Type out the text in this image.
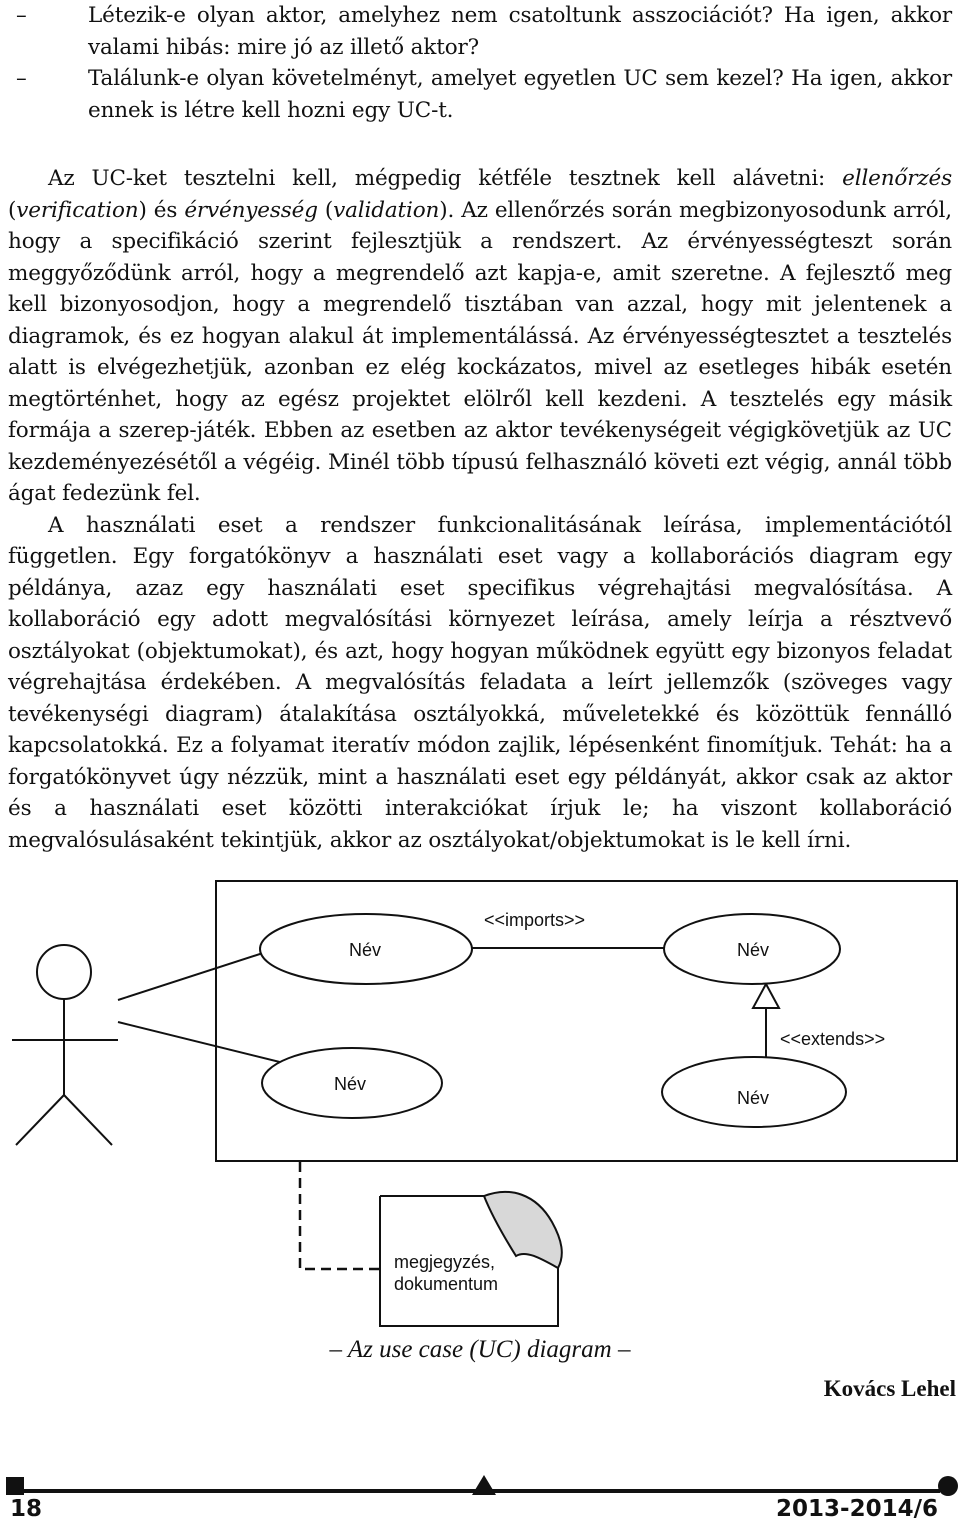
– Létezik-e olyan aktor, amelyhez nem csatoltunk asszociációt? Ha igen, akkor valami hibás: mire jó az illető aktor?
– Találunk-e olyan követelményt, amelyet egyetlen UC sem kezel? Ha igen, akkor ennek is létre kell hozni egy UC-t.

Az UC-ket tesztelni kell, mégpedig kétféle tesztnek kell alávetni: ellenőrzés (verification) és érvényesség (validation). Az ellenőrzés során megbizonyosodunk arról, hogy a specifikáció szerint fejlesztjük a rendszert. Az érvényességteszt során meggyőződünk arról, hogy a megrendelő azt kapja-e, amit szeretne. A fejlesztő meg kell bizonyosodjon, hogy a megrendelő tisztában van azzal, hogy mit jelentenek a diagramok, és ez hogyan alakul át implementálássá. Az érvényességtesztet a tesztelés alatt is elvégezhetjük, azonban ez elég kockázatos, mivel az esetleges hibák esetén megtörténhet, hogy az egész projektet elölről kell kezdeni. A tesztelés egy másik formája a szerep-játék. Ebben az esetben az aktor tevékenységeit végigkövetjük az UC kezdeményezésétől a végéig. Minél több típusú felhasználó követi ezt végig, annál több ágat fedezünk fel.

A használati eset a rendszer funkcionalitásának leírása, implementációtól független. Egy forgatókönyv a használati eset vagy a kollaborációs diagram egy példánya, azaz egy használati eset specifikus végrehajtási megvalósítása. A kollaboráció egy adott megvalósítási környezet leírása, amely leírja a résztvevő osztályokat (objektumokat), és azt, hogy hogyan működnek együtt egy bizonyos feladat végrehajtása érdekében. A megvalósítás feladata a leírt jellemzők (szöveges vagy tevékenységi diagram) átalakítása osztályokká, műveletekké és közöttük fennálló kapcsolatokká. Ez a folyamat iteratív módon zajlik, lépésenként finomítjuk. Tehát: ha a forgatókönyvet úgy nézzük, mint a használati eset egy példányát, akkor csak az aktor és a használati eset közötti interakciókat írjuk le; ha viszont kollaboráció megvalósulásaként tekintjük, akkor az osztályokat/objektumokat is le kell írni.

<<imports>>
<<extends>>
Név	Név
Név
Név
megjegyzés,
dokumentum
– Az use case (UC) diagram –
Kovács Lehel
18	2013-2014/6
